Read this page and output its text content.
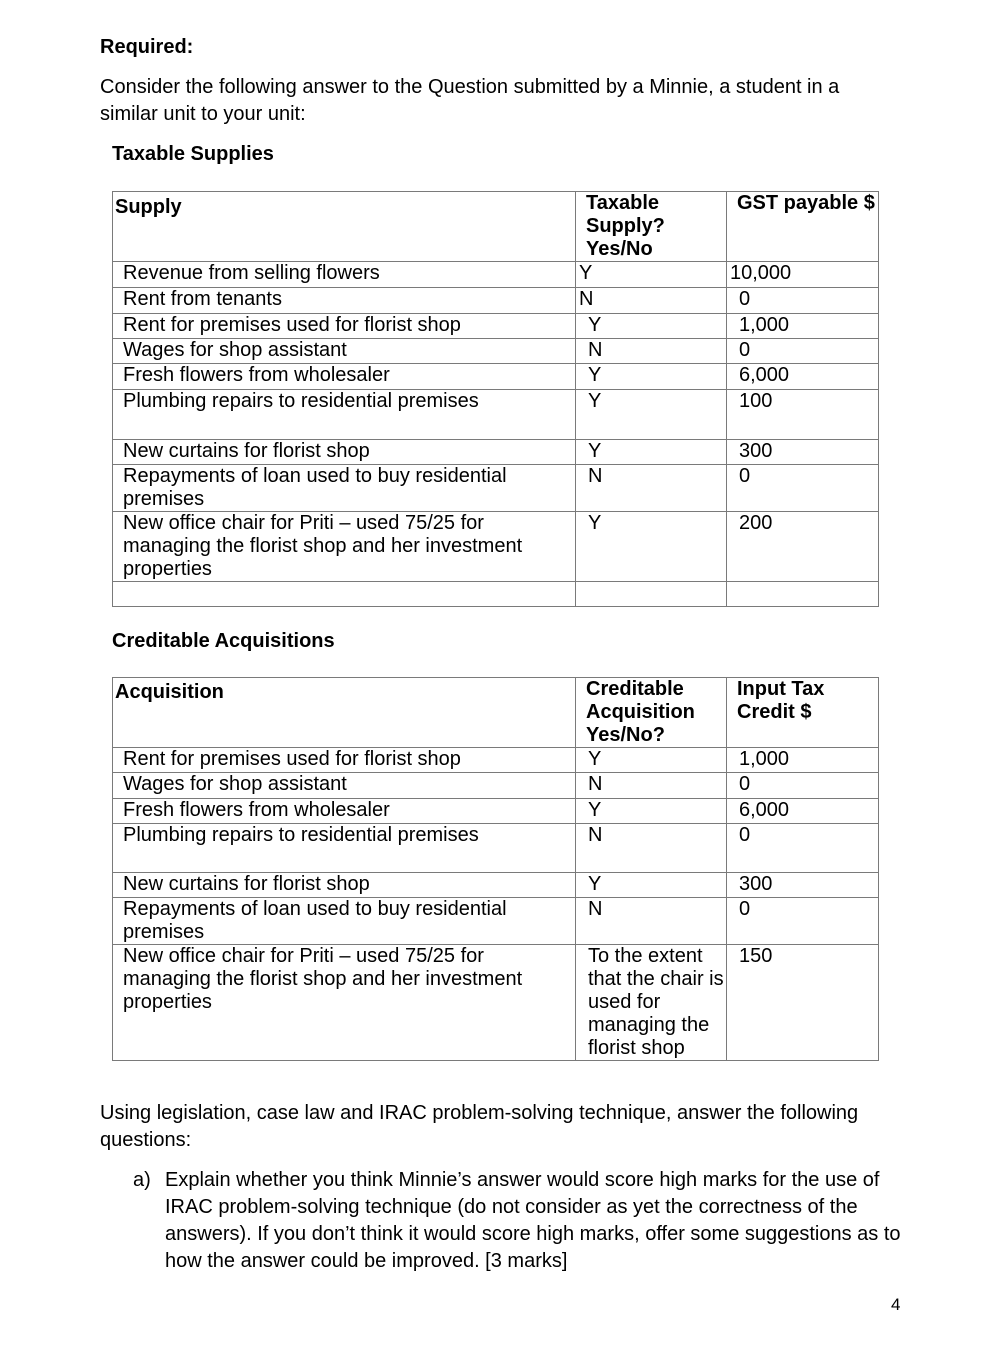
Required:
Consider the following answer to the Question submitted by a Minnie, a student in a similar unit to your unit:
Taxable Supplies
Supply	Taxable Supply? Yes/No	GST payable $
Revenue from selling flowers	Y	10,000
Rent from tenants	N	0
Rent for premises used for florist shop	Y	1,000
Wages for shop assistant	N	0
Fresh flowers from wholesaler	Y	6,000
Plumbing repairs to residential premises	Y	100
New curtains for florist shop	Y	300
Repayments of loan used to buy residential premises	N	0
New office chair for Priti – used 75/25 for managing the florist shop and her investment properties	Y	200

Creditable Acquisitions
Acquisition	Creditable Acquisition Yes/No?	Input Tax Credit $
Rent for premises used for florist shop	Y	1,000
Wages for shop assistant	N	0
Fresh flowers from wholesaler	Y	6,000
Plumbing repairs to residential premises	N	0
New curtains for florist shop	Y	300
Repayments of loan used to buy residential premises	N	0
New office chair for Priti – used 75/25 for managing the florist shop and her investment properties	To the extent that the chair is used for managing the florist shop	150
Using legislation, case law and IRAC problem-solving technique, answer the following questions:
a) Explain whether you think Minnie’s answer would score high marks for the use of IRAC problem-solving technique (do not consider as yet the correctness of the answers). If you don’t think it would score high marks, offer some suggestions as to how the answer could be improved. [3 marks]
4
